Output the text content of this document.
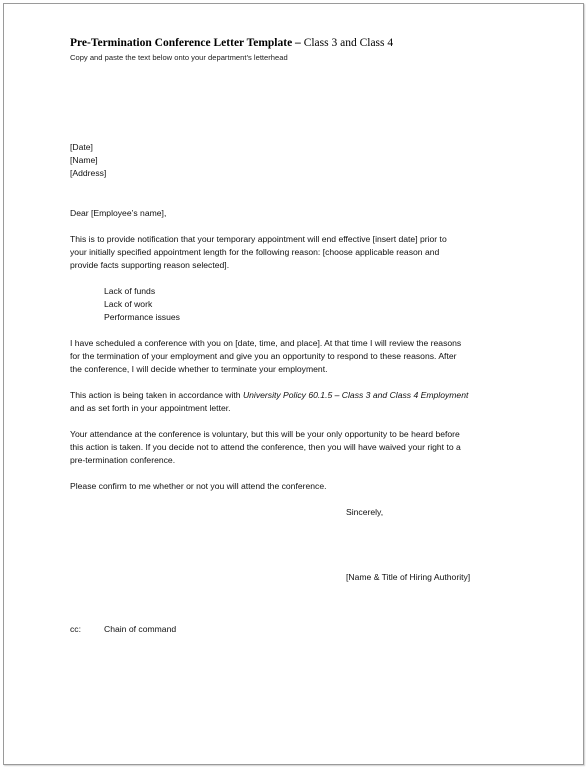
Pre-Termination Conference Letter Template – Class 3 and Class 4
Copy and paste the text below onto your department’s letterhead
[Date]
[Name]
[Address]
Dear [Employee’s name],
This is to provide notification that your temporary appointment will end effective [insert date] prior to
your initially specified appointment length for the following reason: [choose applicable reason and
provide facts supporting reason selected].
Lack of funds
Lack of work
Performance issues
I have scheduled a conference with you on [date, time, and place]. At that time I will review the reasons
for the termination of your employment and give you an opportunity to respond to these reasons. After
the conference, I will decide whether to terminate your employment.
This action is being taken in accordance with University Policy 60.1.5 – Class 3 and Class 4 Employment
and as set forth in your appointment letter.
Your attendance at the conference is voluntary, but this will be your only opportunity to be heard before
this action is taken. If you decide not to attend the conference, then you will have waived your right to a
pre-termination conference.
Please confirm to me whether or not you will attend the conference.
Sincerely,
[Name & Title of Hiring Authority]
cc:	Chain of command
